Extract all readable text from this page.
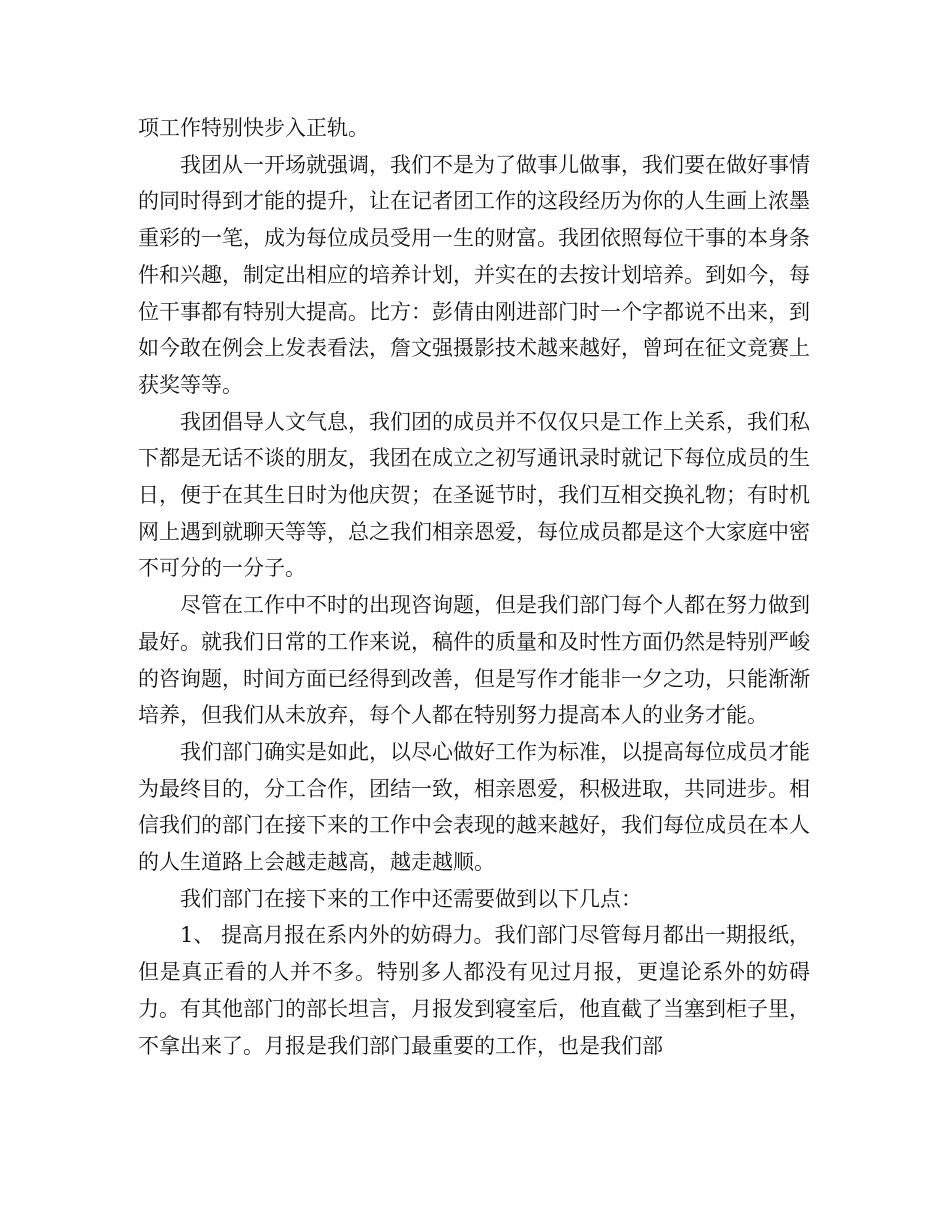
项工作特别快步入正轨。

我团从一开场就强调，我们不是为了做事儿做事，我们要在做好事情的同时得到才能的提升，让在记者团工作的这段经历为你的人生画上浓墨重彩的一笔，成为每位成员受用一生的财富。我团依照每位干事的本身条件和兴趣，制定出相应的培养计划，并实在的去按计划培养。到如今，每位干事都有特别大提高。比方：彭倩由刚进部门时一个字都说不出来，到如今敢在例会上发表看法，詹文强摄影技术越来越好，曾珂在征文竞赛上获奖等等。

我团倡导人文气息，我们团的成员并不仅仅只是工作上关系，我们私下都是无话不谈的朋友，我团在成立之初写通讯录时就记下每位成员的生日，便于在其生日时为他庆贺；在圣诞节时，我们互相交换礼物；有时机网上遇到就聊天等等，总之我们相亲恩爱，每位成员都是这个大家庭中密不可分的一分子。

尽管在工作中不时的出现咨询题，但是我们部门每个人都在努力做到最好。就我们日常的工作来说，稿件的质量和及时性方面仍然是特别严峻的咨询题，时间方面已经得到改善，但是写作才能非一夕之功，只能渐渐培养，但我们从未放弃，每个人都在特别努力提高本人的业务才能。

我们部门确实是如此，以尽心做好工作为标准，以提高每位成员才能为最终目的，分工合作，团结一致，相亲恩爱，积极进取，共同进步。相信我们的部门在接下来的工作中会表现的越来越好，我们每位成员在本人的人生道路上会越走越高，越走越顺。

我们部门在接下来的工作中还需要做到以下几点：

1、 提高月报在系内外的妨碍力。我们部门尽管每月都出一期报纸，但是真正看的人并不多。特别多人都没有见过月报，更遑论系外的妨碍力。有其他部门的部长坦言，月报发到寝室后，他直截了当塞到柜子里，不拿出来了。月报是我们部门最重要的工作，也是我们部
